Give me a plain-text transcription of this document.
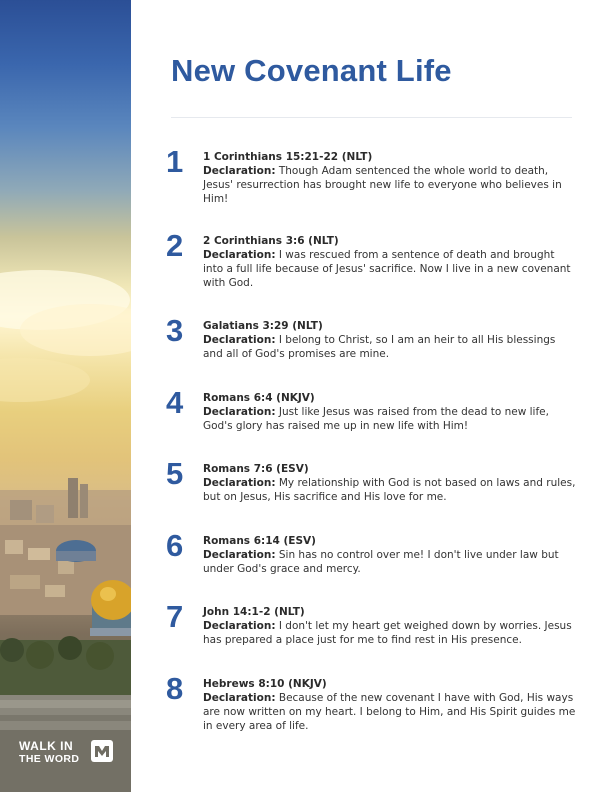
WALK IN
THE WORD
New Covenant Life
1	1 Corinthians 15:21-22 (NLT)
Declaration: Though Adam sentenced the whole world to death, Jesus' resurrection has brought new life to everyone who believes in Him!
2	2 Corinthians 3:6 (NLT)
Declaration: I was rescued from a sentence of death and brought into a full life because of Jesus' sacrifice. Now I live in a new covenant with God.
3	Galatians 3:29 (NLT)
Declaration: I belong to Christ, so I am an heir to all His blessings and all of God's promises are mine.
4	Romans 6:4 (NKJV)
Declaration: Just like Jesus was raised from the dead to new life, God's glory has raised me up in new life with Him!
5	Romans 7:6 (ESV)
Declaration: My relationship with God is not based on laws and rules, but on Jesus, His sacrifice and His love for me.
6	Romans 6:14 (ESV)
Declaration: Sin has no control over me! I don't live under law but under God's grace and mercy.
7	John 14:1-2 (NLT)
Declaration: I don't let my heart get weighed down by worries. Jesus has prepared a place just for me to find rest in His presence.
8	Hebrews 8:10 (NKJV)
Declaration: Because of the new covenant I have with God, His ways are now written on my heart. I belong to Him, and His Spirit guides me in every area of life.
